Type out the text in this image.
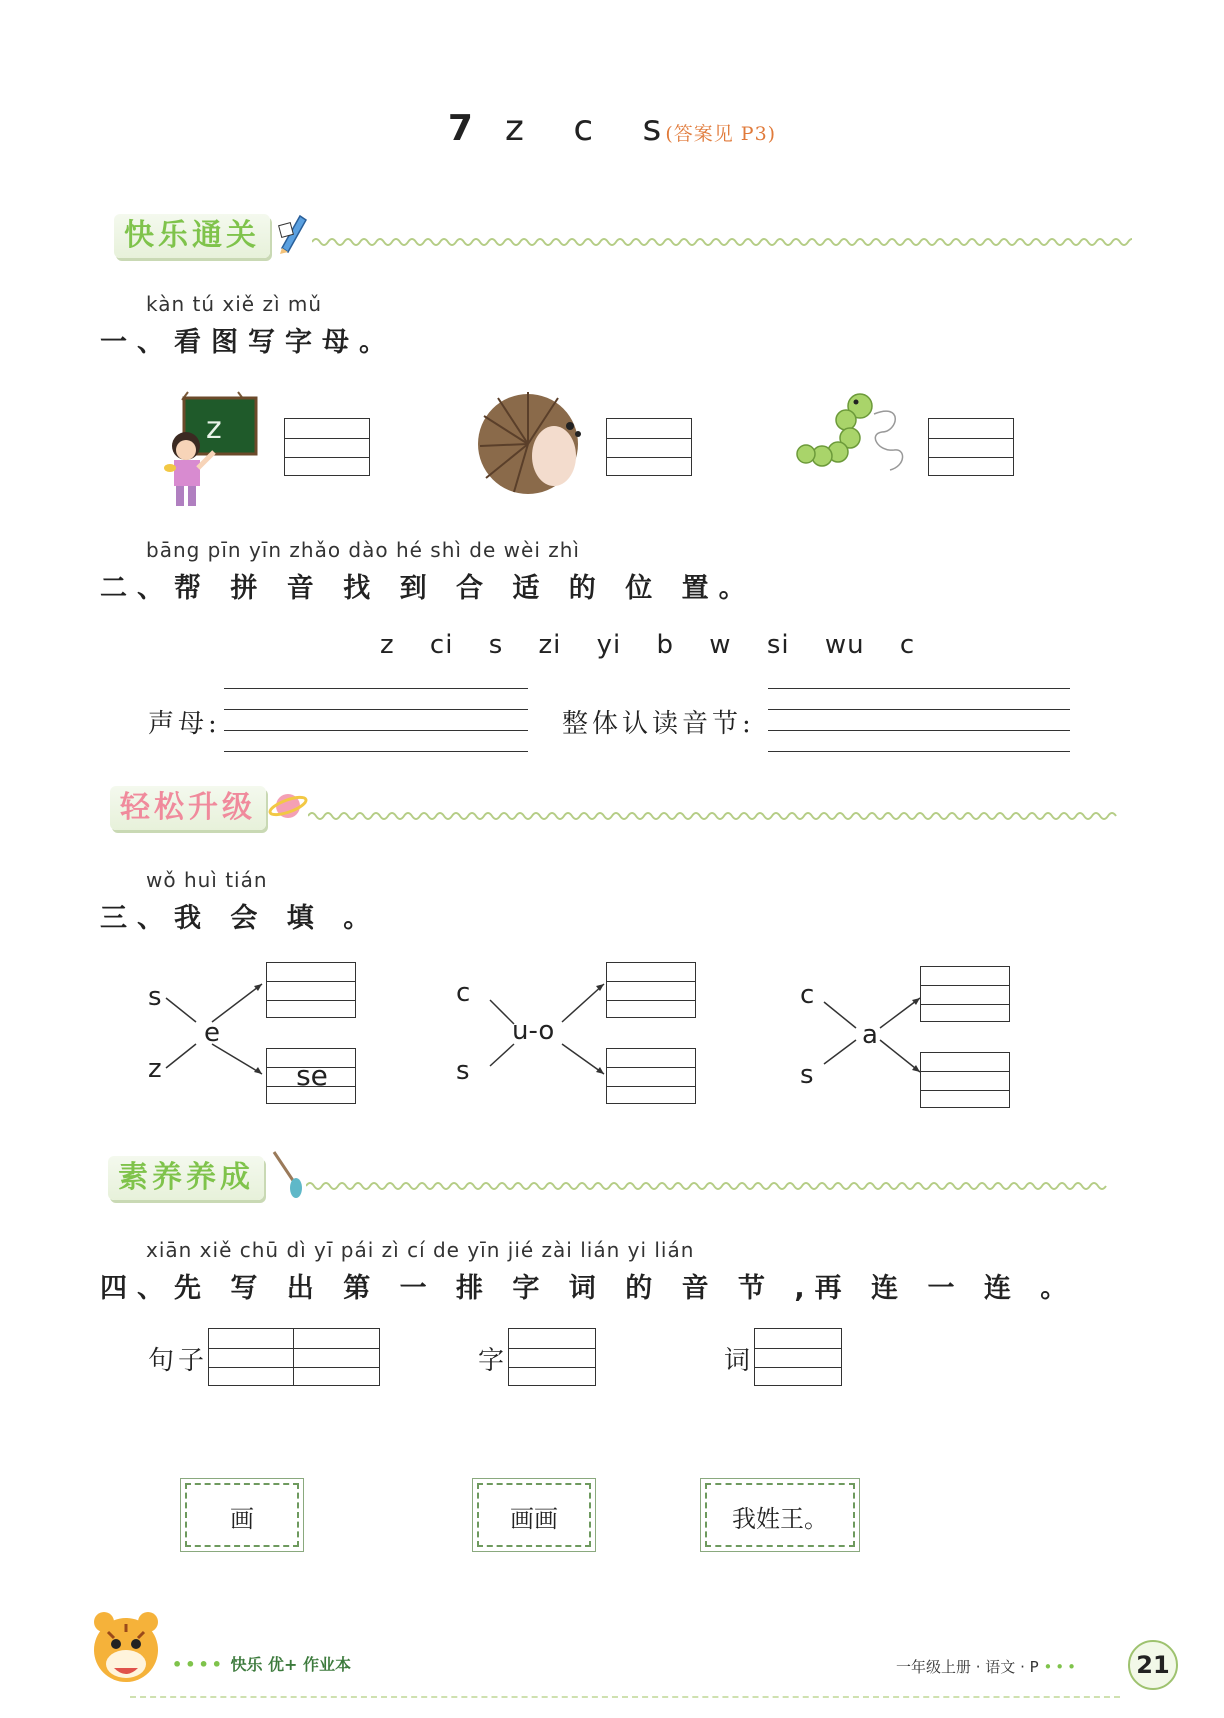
7 z c s (答案见 P3)
快乐通关
kàn tú xiě zì mǔ
一、看图写字母。
z
bāng pīn yīn zhǎo dào hé shì de wèi zhì
二、帮 拼 音 找 到 合 适 的 位 置。
z ci s zi yi b w si wu c
声母:	整体认读音节:
轻松升级
wǒ huì tián
三、我 会 填 。
s
z
e
se
c
s
u-o
c
s
a
素养养成
xiān xiě chū dì yī pái zì cí de yīn jié zài lián yi lián
四、先 写 出 第 一 排 字 词 的 音 节 ,再 连 一 连 。
句子	字	词
画	画画	我姓王。
•••• 快乐 优+ 作业本	一年级上册 · 语文 · P •••	21
